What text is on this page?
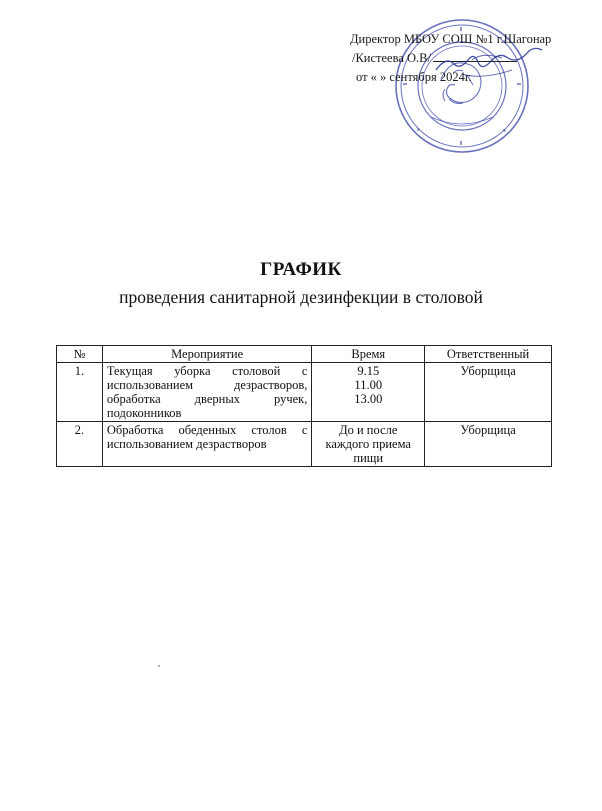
Директор МБОУ СОШ №1 г.Шагонар
/Кистеева О.В/
от « » сентября 2024г.
ГРАФИК
проведения санитарной дезинфекции в столовой
№	Мероприятие	Время	Ответственный
1.	Текущая уборка столовой с использованием дезрастворов, обработка дверных ручек, подоконников	9.15
11.00
13.00	Уборщица
2.	Обработка обеденных столов с использованием дезрастворов	До и после каждого приема пищи	Уборщица
